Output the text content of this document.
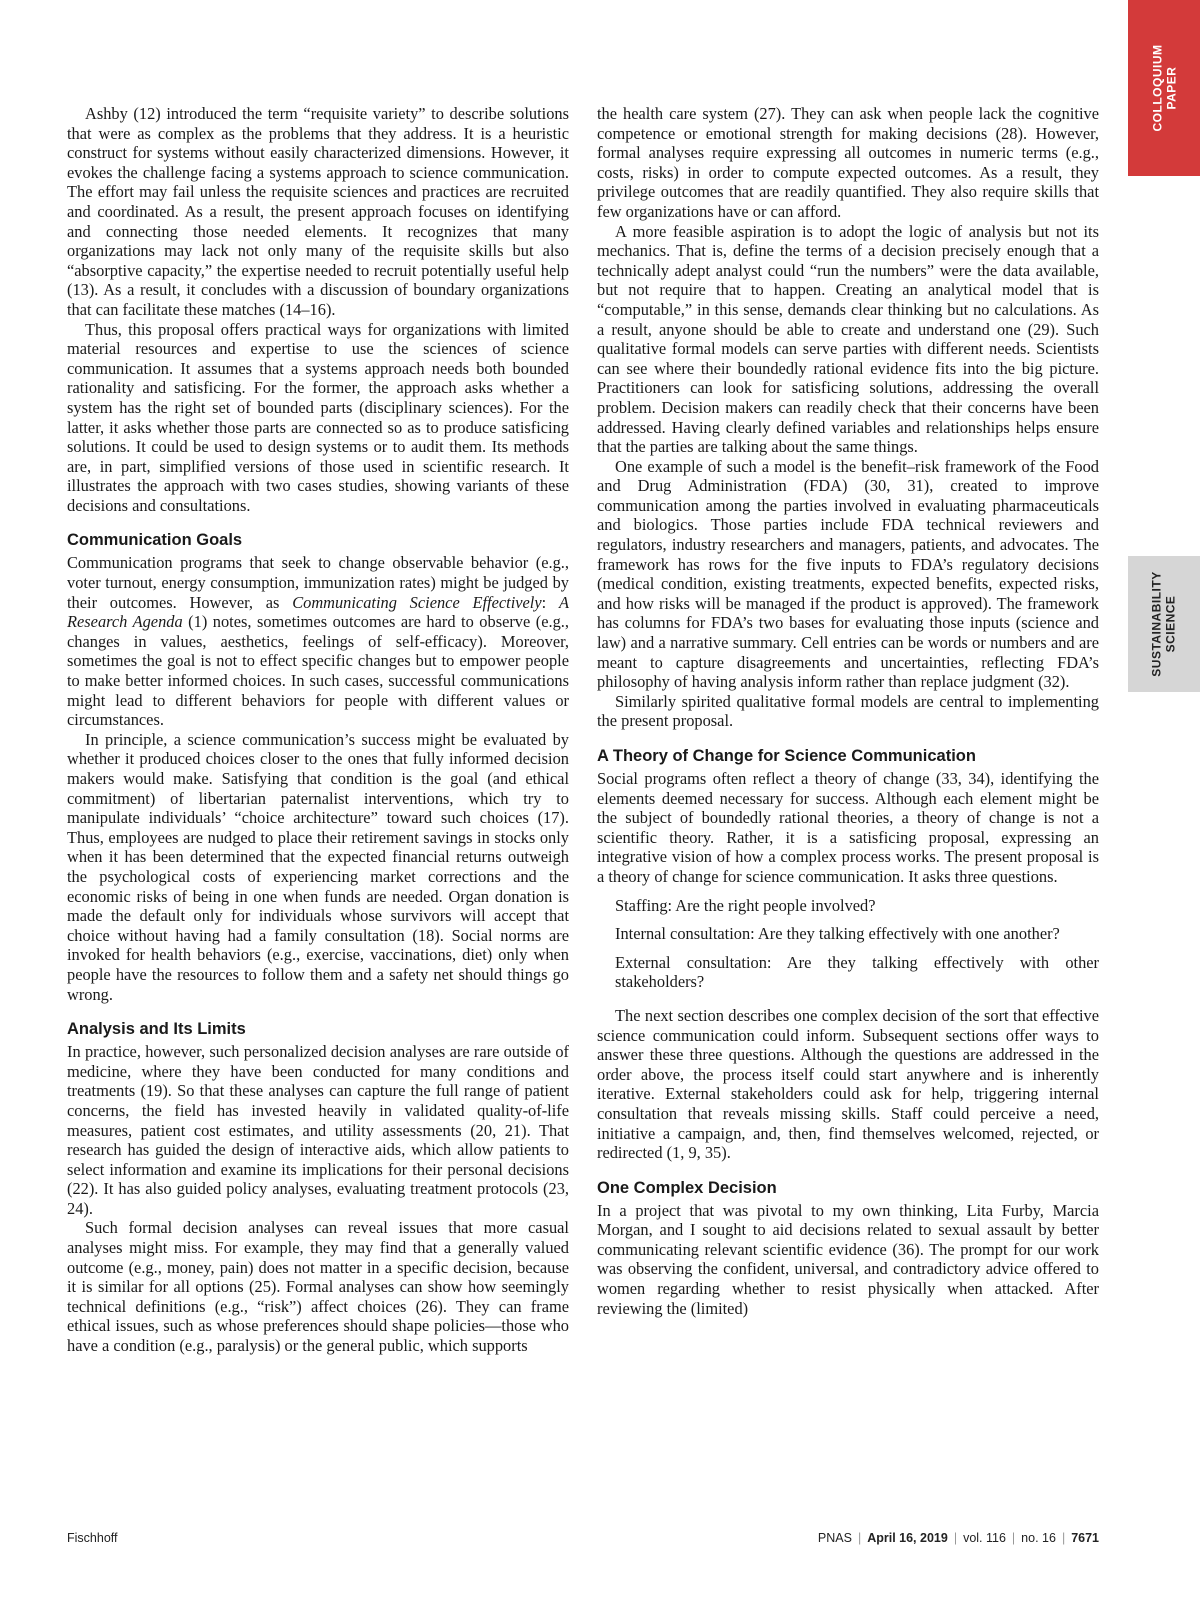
COLLOQUIUM PAPER
SUSTAINABILITY SCIENCE

Ashby (12) introduced the term “requisite variety” to describe solutions that were as complex as the problems that they address. It is a heuristic construct for systems without easily characterized dimensions. However, it evokes the challenge facing a systems approach to science communication. The effort may fail unless the requisite sciences and practices are recruited and coordinated. As a result, the present approach focuses on identifying and connecting those needed elements. It recognizes that many organizations may lack not only many of the requisite skills but also “absorptive capacity,” the expertise needed to recruit potentially useful help (13). As a result, it concludes with a discussion of boundary organizations that can facilitate these matches (14–16).

Thus, this proposal offers practical ways for organizations with limited material resources and expertise to use the sciences of science communication. It assumes that a systems approach needs both bounded rationality and satisficing. For the former, the approach asks whether a system has the right set of bounded parts (disciplinary sciences). For the latter, it asks whether those parts are connected so as to produce satisficing solutions. It could be used to design systems or to audit them. Its methods are, in part, simplified versions of those used in scientific research. It illustrates the approach with two cases studies, showing variants of these decisions and consultations.

Communication Goals

Communication programs that seek to change observable behavior (e.g., voter turnout, energy consumption, immunization rates) might be judged by their outcomes. However, as Communicating Science Effectively: A Research Agenda (1) notes, sometimes outcomes are hard to observe (e.g., changes in values, aesthetics, feelings of self-efficacy). Moreover, sometimes the goal is not to effect specific changes but to empower people to make better informed choices. In such cases, successful communications might lead to different behaviors for people with different values or circumstances.

In principle, a science communication’s success might be evaluated by whether it produced choices closer to the ones that fully informed decision makers would make. Satisfying that condition is the goal (and ethical commitment) of libertarian paternalist interventions, which try to manipulate individuals’ “choice architecture” toward such choices (17). Thus, employees are nudged to place their retirement savings in stocks only when it has been determined that the expected financial returns outweigh the psychological costs of experiencing market corrections and the economic risks of being in one when funds are needed. Organ donation is made the default only for individuals whose survivors will accept that choice without having had a family consultation (18). Social norms are invoked for health behaviors (e.g., exercise, vaccinations, diet) only when people have the resources to follow them and a safety net should things go wrong.

Analysis and Its Limits

In practice, however, such personalized decision analyses are rare outside of medicine, where they have been conducted for many conditions and treatments (19). So that these analyses can capture the full range of patient concerns, the field has invested heavily in validated quality-of-life measures, patient cost estimates, and utility assessments (20, 21). That research has guided the design of interactive aids, which allow patients to select information and examine its implications for their personal decisions (22). It has also guided policy analyses, evaluating treatment protocols (23, 24).

Such formal decision analyses can reveal issues that more casual analyses might miss. For example, they may find that a generally valued outcome (e.g., money, pain) does not matter in a specific decision, because it is similar for all options (25). Formal analyses can show how seemingly technical definitions (e.g., “risk”) affect choices (26). They can frame ethical issues, such as whose preferences should shape policies—those who have a condition (e.g., paralysis) or the general public, which supports

the health care system (27). They can ask when people lack the cognitive competence or emotional strength for making decisions (28). However, formal analyses require expressing all outcomes in numeric terms (e.g., costs, risks) in order to compute expected outcomes. As a result, they privilege outcomes that are readily quantified. They also require skills that few organizations have or can afford.

A more feasible aspiration is to adopt the logic of analysis but not its mechanics. That is, define the terms of a decision precisely enough that a technically adept analyst could “run the numbers” were the data available, but not require that to happen. Creating an analytical model that is “computable,” in this sense, demands clear thinking but no calculations. As a result, anyone should be able to create and understand one (29). Such qualitative formal models can serve parties with different needs. Scientists can see where their boundedly rational evidence fits into the big picture. Practitioners can look for satisficing solutions, addressing the overall problem. Decision makers can readily check that their concerns have been addressed. Having clearly defined variables and relationships helps ensure that the parties are talking about the same things.

One example of such a model is the benefit–risk framework of the Food and Drug Administration (FDA) (30, 31), created to improve communication among the parties involved in evaluating pharmaceuticals and biologics. Those parties include FDA technical reviewers and regulators, industry researchers and managers, patients, and advocates. The framework has rows for the five inputs to FDA’s regulatory decisions (medical condition, existing treatments, expected benefits, expected risks, and how risks will be managed if the product is approved). The framework has columns for FDA’s two bases for evaluating those inputs (science and law) and a narrative summary. Cell entries can be words or numbers and are meant to capture disagreements and uncertainties, reflecting FDA’s philosophy of having analysis inform rather than replace judgment (32).

Similarly spirited qualitative formal models are central to implementing the present proposal.

A Theory of Change for Science Communication

Social programs often reflect a theory of change (33, 34), identifying the elements deemed necessary for success. Although each element might be the subject of boundedly rational theories, a theory of change is not a scientific theory. Rather, it is a satisficing proposal, expressing an integrative vision of how a complex process works. The present proposal is a theory of change for science communication. It asks three questions.

Staffing: Are the right people involved?

Internal consultation: Are they talking effectively with one another?

External consultation: Are they talking effectively with other stakeholders?

The next section describes one complex decision of the sort that effective science communication could inform. Subsequent sections offer ways to answer these three questions. Although the questions are addressed in the order above, the process itself could start anywhere and is inherently iterative. External stakeholders could ask for help, triggering internal consultation that reveals missing skills. Staff could perceive a need, initiative a campaign, and, then, find themselves welcomed, rejected, or redirected (1, 9, 35).

One Complex Decision

In a project that was pivotal to my own thinking, Lita Furby, Marcia Morgan, and I sought to aid decisions related to sexual assault by better communicating relevant scientific evidence (36). The prompt for our work was observing the confident, universal, and contradictory advice offered to women regarding whether to resist physically when attacked. After reviewing the (limited)

Fischhoff	PNAS | April 16, 2019 | vol. 116 | no. 16 | 7671
